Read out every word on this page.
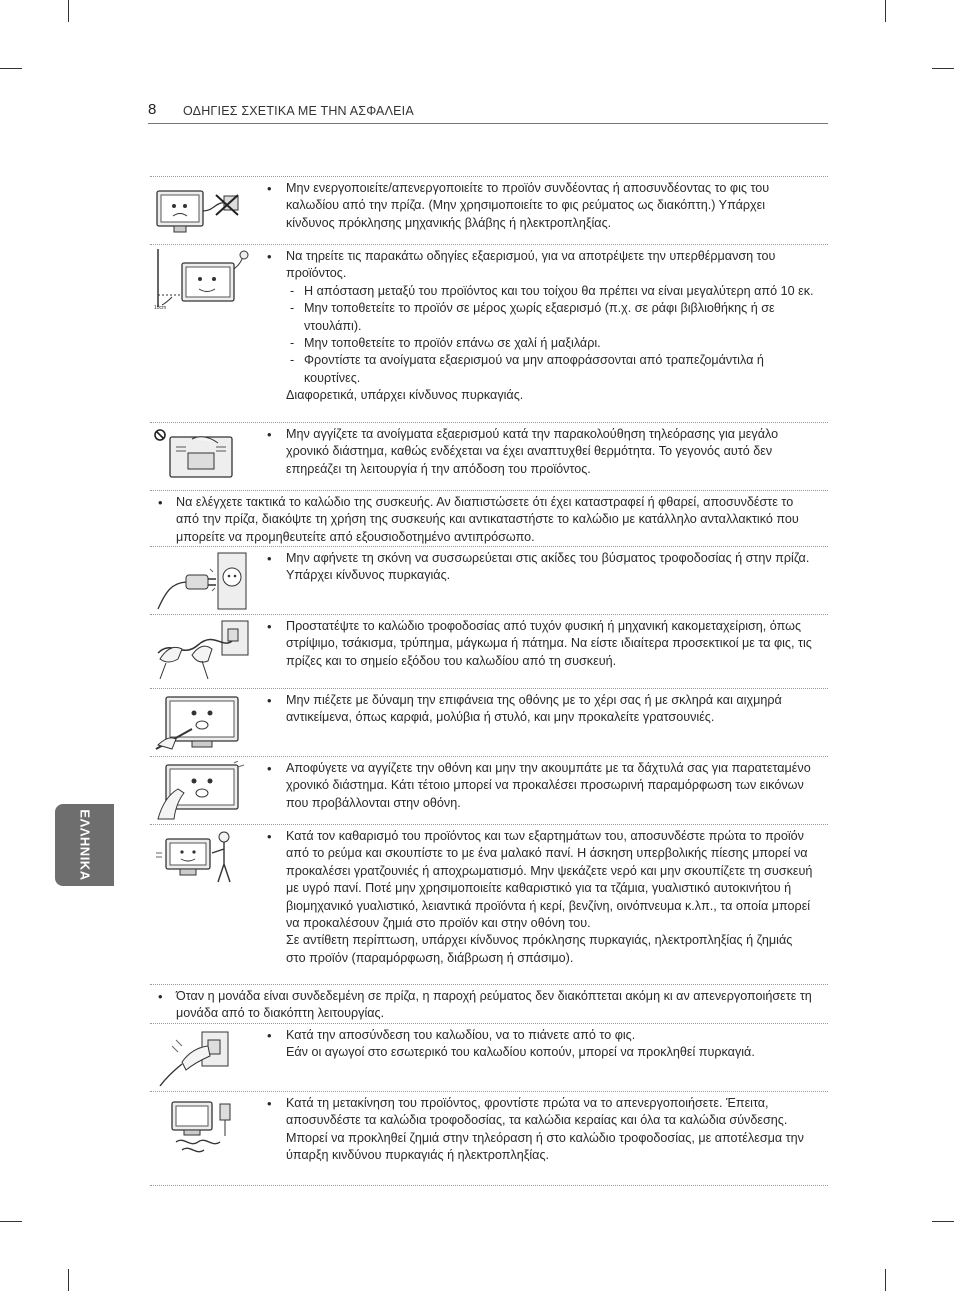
8 ΟΔΗΓΙΕΣ ΣΧΕΤΙΚΑ ΜΕ ΤΗΝ ΑΣΦΑΛΕΙΑ
ΕΛΛΗΝΙΚΑ
• Μην ενεργοποιείτε/απενεργοποιείτε το προϊόν συνδέοντας ή αποσυνδέοντας το φις του καλωδίου από την πρίζα. (Μην χρησιμοποιείτε το φις ρεύματος ως διακόπτη.) Υπάρχει κίνδυνος πρόκλησης μηχανικής βλάβης ή ηλεκτροπληξίας.
10cm
• Να τηρείτε τις παρακάτω οδηγίες εξαερισμού, για να αποτρέψετε την υπερθέρμανση του προϊόντος.
- Η απόσταση μεταξύ του προϊόντος και του τοίχου θα πρέπει να είναι μεγαλύτερη από 10 εκ.
- Μην τοποθετείτε το προϊόν σε μέρος χωρίς εξαερισμό (π.χ. σε ράφι βιβλιοθήκης ή σε ντουλάπι).
- Μην τοποθετείτε το προϊόν επάνω σε χαλί ή μαξιλάρι.
- Φροντίστε τα ανοίγματα εξαερισμού να μην αποφράσσονται από τραπεζομάντιλα ή κουρτίνες.

Διαφορετικά, υπάρχει κίνδυνος πυρκαγιάς.

• Μην αγγίζετε τα ανοίγματα εξαερισμού κατά την παρακολούθηση τηλεόρασης για μεγάλο χρονικό διάστημα, καθώς ενδέχεται να έχει αναπτυχθεί θερμότητα. Το γεγονός αυτό δεν επηρεάζει τη λειτουργία ή την απόδοση του προϊόντος.
• Να ελέγχετε τακτικά το καλώδιο της συσκευής. Αν διαπιστώσετε ότι έχει καταστραφεί ή φθαρεί, αποσυνδέστε το από την πρίζα, διακόψτε τη χρήση της συσκευής και αντικαταστήστε το καλώδιο με κατάλληλο ανταλλακτικό που μπορείτε να προμηθευτείτε από εξουσιοδοτημένο αντιπρόσωπο.
• Μην αφήνετε τη σκόνη να συσσωρεύεται στις ακίδες του βύσματος τροφοδοσίας ή στην πρίζα.

Υπάρχει κίνδυνος πυρκαγιάς.

• Προστατέψτε το καλώδιο τροφοδοσίας από τυχόν φυσική ή μηχανική κακομεταχείριση, όπως στρίψιμο, τσάκισμα, τρύπημα, μάγκωμα ή πάτημα. Να είστε ιδιαίτερα προσεκτικοί με τα φις, τις πρίζες και το σημείο εξόδου του καλωδίου από τη συσκευή.
• Μην πιέζετε με δύναμη την επιφάνεια της οθόνης με το χέρι σας ή με σκληρά και αιχμηρά αντικείμενα, όπως καρφιά, μολύβια ή στυλό, και μην προκαλείτε γρατσουνιές.
• Αποφύγετε να αγγίζετε την οθόνη και μην την ακουμπάτε με τα δάχτυλά σας για παρατεταμένο χρονικό διάστημα. Κάτι τέτοιο μπορεί να προκαλέσει προσωρινή παραμόρφωση των εικόνων που προβάλλονται στην οθόνη.
• Κατά τον καθαρισμό του προϊόντος και των εξαρτημάτων του, αποσυνδέστε πρώτα το προϊόν από το ρεύμα και σκουπίστε το με ένα μαλακό πανί. Η άσκηση υπερβολικής πίεσης μπορεί να προκαλέσει γρατζουνιές ή αποχρωματισμό. Μην ψεκάζετε νερό και μην σκουπίζετε τη συσκευή με υγρό πανί. Ποτέ μην χρησιμοποιείτε καθαριστικό για τα τζάμια, γυαλιστικό αυτοκινήτου ή βιομηχανικό γυαλιστικό, λειαντικά προϊόντα ή κερί, βενζίνη, οινόπνευμα κ.λπ., τα οποία μπορεί να προκαλέσουν ζημιά στο προϊόν και στην οθόνη του.

Σε αντίθετη περίπτωση, υπάρχει κίνδυνος πρόκλησης πυρκαγιάς, ηλεκτροπληξίας ή ζημιάς στο προϊόν (παραμόρφωση, διάβρωση ή σπάσιμο).

• Όταν η μονάδα είναι συνδεδεμένη σε πρίζα, η παροχή ρεύματος δεν διακόπτεται ακόμη κι αν απενεργοποιήσετε τη μονάδα από το διακόπτη λειτουργίας.
• Κατά την αποσύνδεση του καλωδίου, να το πιάνετε από το φις.

Εάν οι αγωγοί στο εσωτερικό του καλωδίου κοπούν, μπορεί να προκληθεί πυρκαγιά.

• Κατά τη μετακίνηση του προϊόντος, φροντίστε πρώτα να το απενεργοποιήσετε. Έπειτα, αποσυνδέστε τα καλώδια τροφοδοσίας, τα καλώδια κεραίας και όλα τα καλώδια σύνδεσης.

Μπορεί να προκληθεί ζημιά στην τηλεόραση ή στο καλώδιο τροφοδοσίας, με αποτέλεσμα την ύπαρξη κινδύνου πυρκαγιάς ή ηλεκτροπληξίας.
